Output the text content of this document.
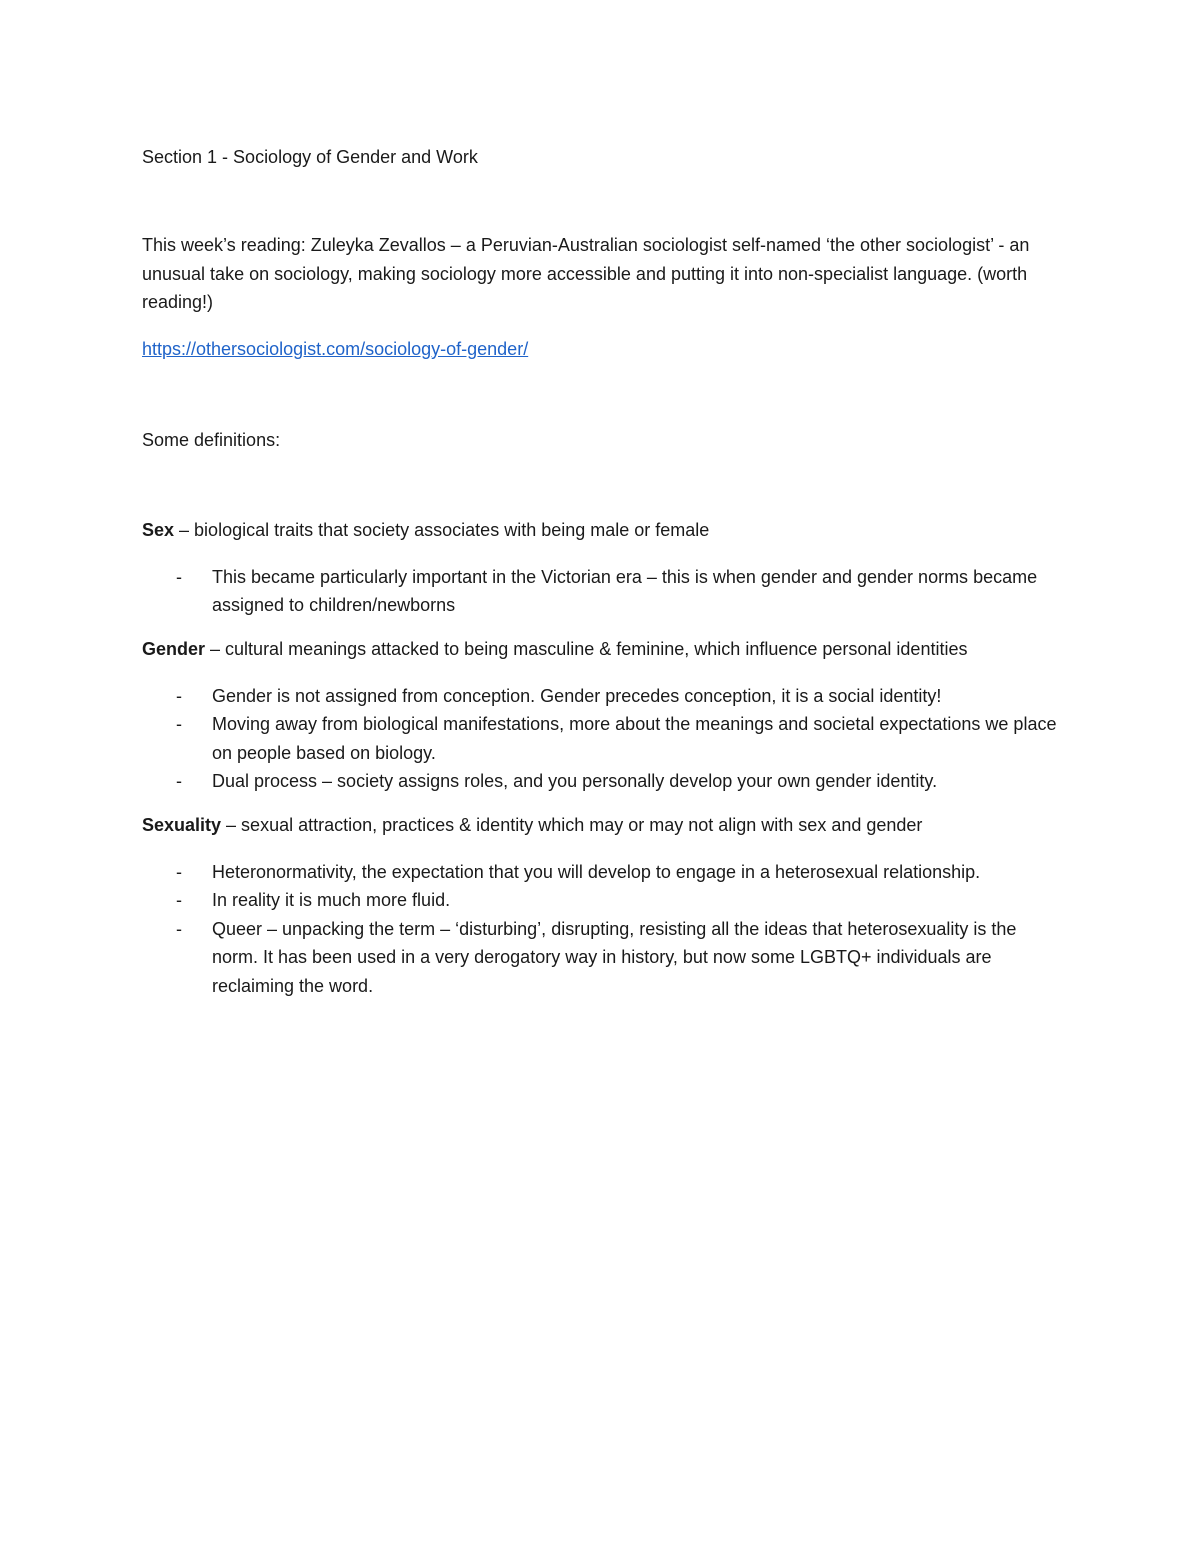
Section 1 - Sociology of Gender and Work

This week’s reading: Zuleyka Zevallos – a Peruvian-Australian sociologist self-named ‘the other sociologist’ - an unusual take on sociology, making sociology more accessible and putting it into non-specialist language. (worth reading!)

https://othersociologist.com/sociology-of-gender/

Some definitions:

Sex – biological traits that society associates with being male or female

- This became particularly important in the Victorian era – this is when gender and gender norms became assigned to children/newborns

Gender – cultural meanings attacked to being masculine & feminine, which influence personal identities

- Gender is not assigned from conception. Gender precedes conception, it is a social identity!
- Moving away from biological manifestations, more about the meanings and societal expectations we place on people based on biology.
- Dual process – society assigns roles, and you personally develop your own gender identity.

Sexuality – sexual attraction, practices & identity which may or may not align with sex and gender

- Heteronormativity, the expectation that you will develop to engage in a heterosexual relationship.
- In reality it is much more fluid.
- Queer – unpacking the term – ‘disturbing’, disrupting, resisting all the ideas that heterosexuality is the norm. It has been used in a very derogatory way in history, but now some LGBTQ+ individuals are reclaiming the word.
